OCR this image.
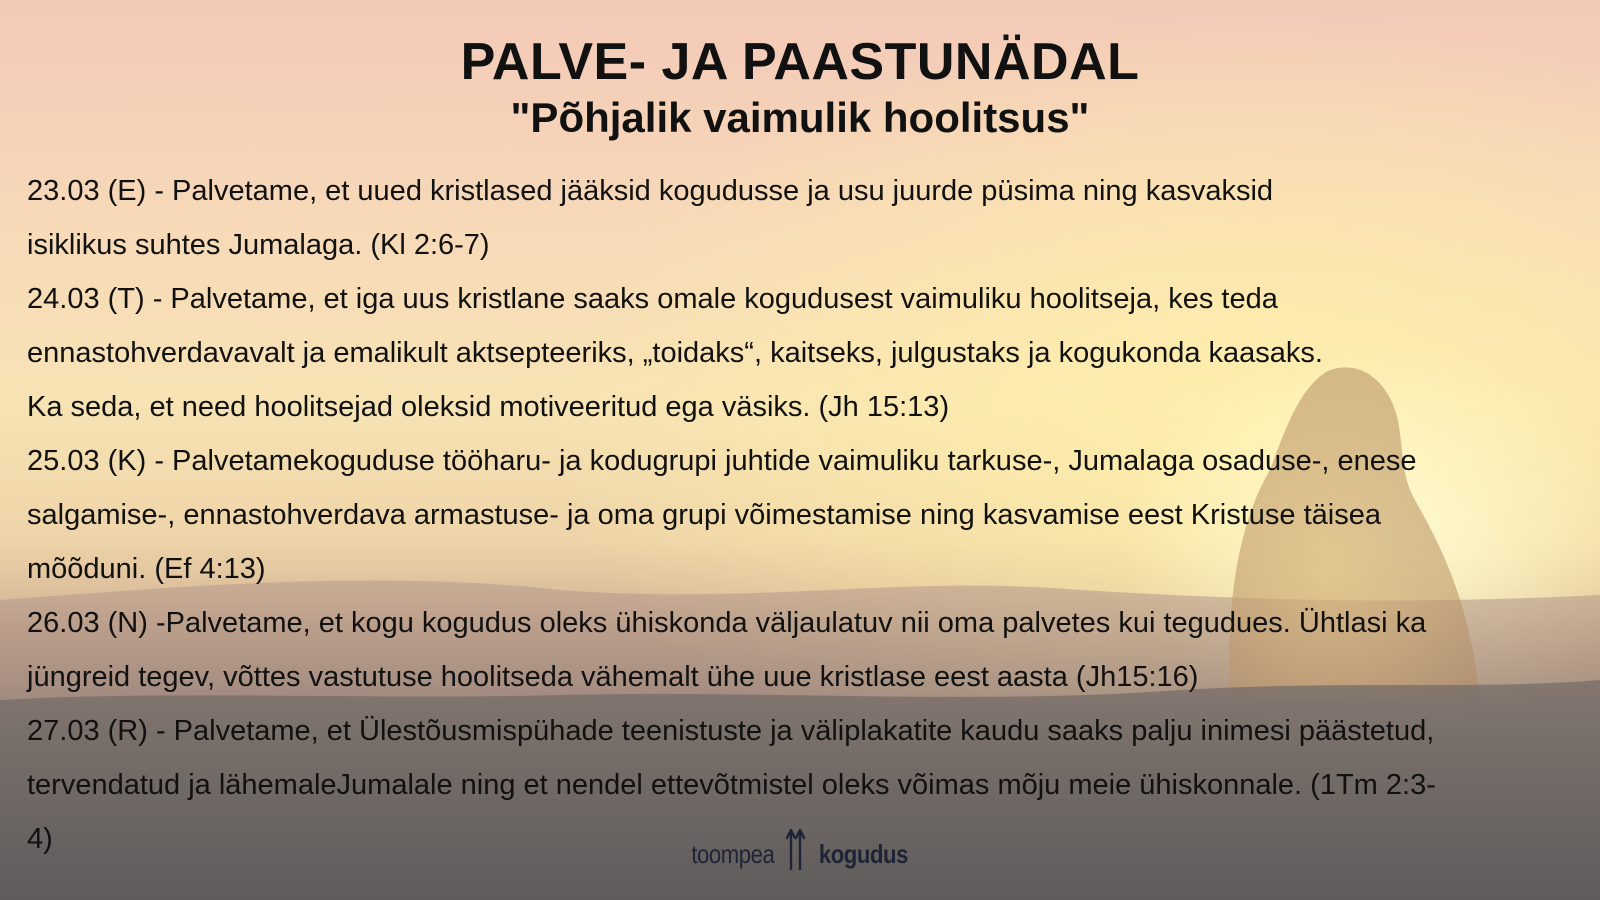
PALVE- JA PAASTUNÄDAL
"Põhjalik vaimulik hoolitsus"
23.03 (E) - Palvetame, et uued kristlased jääksid kogudusse ja usu juurde püsima ning kasvaksid
isiklikus suhtes Jumalaga. (Kl 2:6-7)
24.03 (T) - Palvetame, et iga uus kristlane saaks omale kogudusest vaimuliku hoolitseja, kes teda
ennastohverdavavalt ja emalikult aktsepteeriks, „toidaks“, kaitseks, julgustaks ja kogukonda kaasaks.
Ka seda, et need hoolitsejad oleksid motiveeritud ega väsiks. (Jh 15:13)
25.03 (K) - Palvetamekoguduse tööharu- ja kodugrupi juhtide vaimuliku tarkuse-, Jumalaga osaduse-, enese
salgamise-, ennastohverdava armastuse- ja oma grupi võimestamise ning kasvamise eest Kristuse täisea
mõõduni. (Ef 4:13)
26.03 (N) -Palvetame, et kogu kogudus oleks ühiskonda väljaulatuv nii oma palvetes kui tegudues. Ühtlasi ka
jüngreid tegev, võttes vastutuse hoolitseda vähemalt ühe uue kristlase eest aasta (Jh15:16)
27.03 (R) - Palvetame, et Ülestõusmispühade teenistuste ja väliplakatite kaudu saaks palju inimesi päästetud,
tervendatud ja lähemaleJumalale ning et nendel ettevõtmistel oleks võimas mõju meie ühiskonnale. (1Tm 2:3-
4)	toompea kogudus
